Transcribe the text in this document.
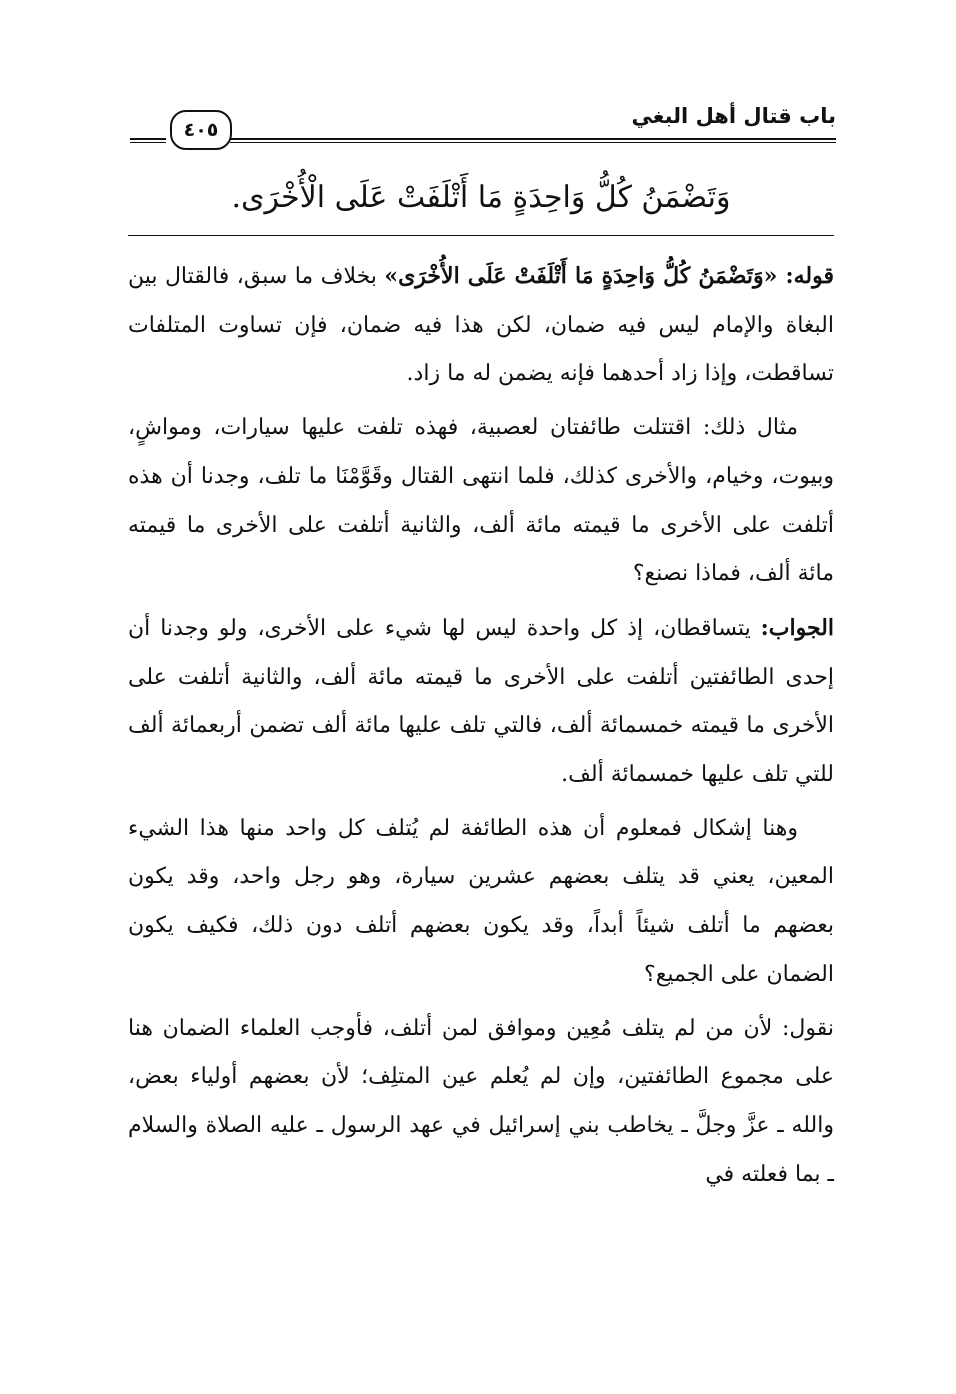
باب قتال أهل البغي
٤٠٥
وَتَضْمَنُ كُلُّ وَاحِدَةٍ مَا أَتْلَفَتْ عَلَى الْأُخْرَى.

قوله: «وَتَضْمَنُ كُلُّ وَاحِدَةٍ مَا أَتْلَفَتْ عَلَى الأُخْرَى» بخلاف ما سبق، فالقتال بين البغاة والإمام ليس فيه ضمان، لكن هذا فيه ضمان، فإن تساوت المتلفات تساقطت، وإذا زاد أحدهما فإنه يضمن له ما زاد.

مثال ذلك: اقتتلت طائفتان لعصبية، فهذه تلفت عليها سيارات، ومواشٍ، وبيوت، وخيام، والأخرى كذلك، فلما انتهى القتال وقَوَّمْنَا ما تلف، وجدنا أن هذه أتلفت على الأخرى ما قيمته مائة ألف، والثانية أتلفت على الأخرى ما قيمته مائة ألف، فماذا نصنع؟

الجواب: يتساقطان، إذ كل واحدة ليس لها شيء على الأخرى، ولو وجدنا أن إحدى الطائفتين أتلفت على الأخرى ما قيمته مائة ألف، والثانية أتلفت على الأخرى ما قيمته خمسمائة ألف، فالتي تلف عليها مائة ألف تضمن أربعمائة ألف للتي تلف عليها خمسمائة ألف.

وهنا إشكال فمعلوم أن هذه الطائفة لم يُتلف كل واحد منها هذا الشيء المعين، يعني قد يتلف بعضهم عشرين سيارة، وهو رجل واحد، وقد يكون بعضهم ما أتلف شيئاً أبداً، وقد يكون بعضهم أتلف دون ذلك، فكيف يكون الضمان على الجميع؟

نقول: لأن من لم يتلف مُعِين وموافق لمن أتلف، فأوجب العلماء الضمان هنا على مجموع الطائفتين، وإن لم يُعلم عين المتلِف؛ لأن بعضهم أولياء بعض، والله ـ عزَّ وجلَّ ـ يخاطب بني إسرائيل في عهد الرسول ـ عليه الصلاة والسلام ـ بما فعلته في
